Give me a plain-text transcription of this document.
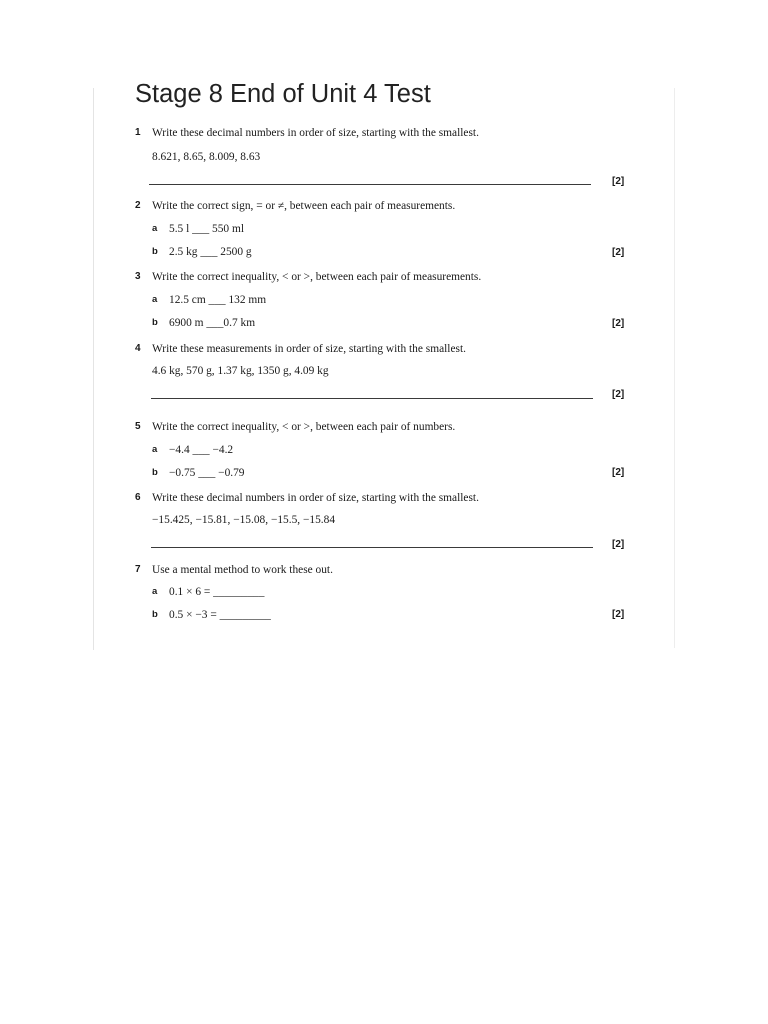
Stage 8 End of Unit 4 Test
1 Write these decimal numbers in order of size, starting with the smallest.
8.621, 8.65, 8.009, 8.63
[2]
2 Write the correct sign, = or ≠, between each pair of measurements.
a 5.5 l ___ 550 ml
b 2.5 kg ___ 2500 g	[2]
3 Write the correct inequality, < or >, between each pair of measurements.
a 12.5 cm ___ 132 mm
b 6900 m ___0.7 km	[2]
4 Write these measurements in order of size, starting with the smallest.
4.6 kg, 570 g, 1.37 kg, 1350 g, 4.09 kg
[2]
5 Write the correct inequality, < or >, between each pair of numbers.
a −4.4 ___ −4.2
b −0.75 ___ −0.79	[2]
6 Write these decimal numbers in order of size, starting with the smallest.
−15.425, −15.81, −15.08, −15.5, −15.84
[2]
7 Use a mental method to work these out.
a 0.1 × 6 = _________
b 0.5 × −3 = _________	[2]
